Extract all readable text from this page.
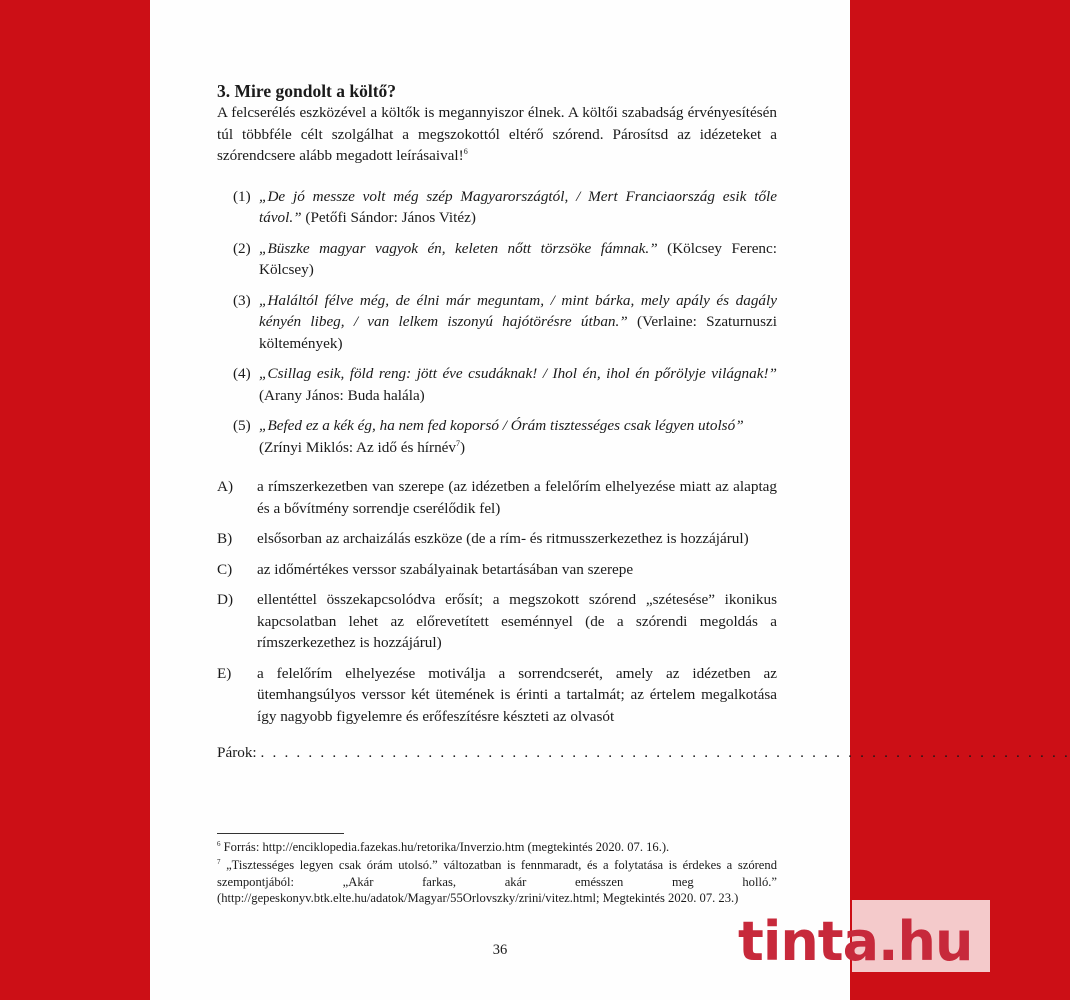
3. Mire gondolt a költő?

A felcserélés eszközével a költők is megannyiszor élnek. A költői szabadság érvényesítésén túl többféle célt szolgálhat a megszokottól eltérő szórend. Párosítsd az idézeteket a szórendcsere alább megadott leírásaival!$^6$

(1) „De jó messze volt még szép Magyarországtól, / Mert Franciaország esik tőle távol.” (Petőfi Sándor: János Vitéz)
(2) „Büszke magyar vagyok én, keleten nőtt törzsöke fámnak.” (Kölcsey Ferenc: Kölcsey)
(3) „Haláltól félve még, de élni már meguntam, / mint bárka, mely apály és dagály kényén libeg, / van lelkem iszonyú hajótörésre útban.” (Verlaine: Szaturnuszi költemények)
(4) „Csillag esik, föld reng: jött éve csudáknak! / Ihol én, ihol én pőrölyje világnak!” (Arany János: Buda halála)
(5) „Befed ez a kék ég, ha nem fed koporsó / Órám tisztességes csak légyen utolsó”
(Zrínyi Miklós: Az idő és hírnév$^7$)
A)	a rímszerkezetben van szerepe (az idézetben a felelőrím elhelyezése miatt az alaptag és a bővítmény sorrendje cserélődik fel)
B)	elsősorban az archaizálás eszköze (de a rím- és ritmusszerkezethez is hozzájárul)
C)	az időmértékes verssor szabályainak betartásában van szerepe
D)	ellentéttel összekapcsolódva erősít; a megszokott szórend „szétesése” ikonikus kapcsolatban lehet az előrevetített eseménnyel (de a szórendi megoldás a rímszerkezethez is hozzájárul)
E)	a felelőrím elhelyezése motiválja a sorrendcserét, amely az idézetben az ütemhangsúlyos verssor két ütemének is érinti a tartalmát; az értelem megalkotása így nagyobb figyelemre és erőfeszítésre készteti az olvasót
Párok:
. . . . . . . . . . . . . . . . . . . . . . . . . . . . . . . . . . . . . . . . . . . . . . . . . . . . . . . . . . . . . . . . . . . .

$^6$ Forrás: http://enciklopedia.fazekas.hu/retorika/Inverzio.htm (megtekintés 2020. 07. 16.).

$^7$ „Tisztességes legyen csak órám utolsó.” változatban is fennmaradt, és a folytatása is érdekes a szórend szempontjából: „Akár farkas, akár emésszen meg holló.” (http://gepeskonyv.btk.elte.hu/adatok/Magyar/55Orlovszky/zrini/vitez.html; Megtekintés 2020. 07. 23.)

36	tinta.hu
